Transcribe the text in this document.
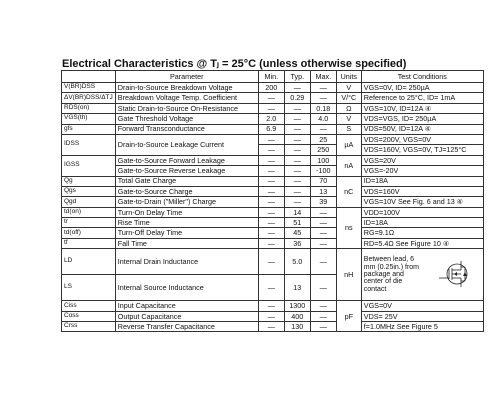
Electrical Characteristics @ Tⱼ = 25°C (unless otherwise specified)
	Parameter	Min.	Typ.	Max.	Units	Test Conditions
V(BR)DSS	Drain-to-Source Breakdown Voltage	200	—	—	V	VGS=0V, ID= 250µA
ΔV(BR)DSS/ΔTJ	Breakdown Voltage Temp. Coefficient	—	0.29	—	V/°C	Reference to 25°C, ID= 1mA
RDS(on)	Static Drain-to-Source On-Resistance	—	—	0.18	Ω	VGS=10V, ID=12A ④
VGS(th)	Gate Threshold Voltage	2.0	—	4.0	V	VDS=VGS, ID= 250µA
gfs	Forward Transconductance	6.9	—	—	S	VDS=50V, ID=12A ④
IDSS	Drain-to-Source Leakage Current	—	—	25	µA	VDS=200V, VGS=0V
		—	—	250		VDS=160V, VGS=0V, TJ=125°C
IGSS	Gate-to-Source Forward Leakage	—	—	100	nA	VGS=20V
	Gate-to-Source Reverse Leakage	—	—	-100		VGS=-20V
Qg	Total Gate Charge	—	—	70	nC	ID=18A
Qgs	Gate-to-Source Charge	—	—	13		VDS=160V
Qgd	Gate-to-Drain ("Miller") Charge	—	—	39		VGS=10V See Fig. 6 and 13 ④
td(on)	Turn-On Delay Time	—	14	—	ns	VDD=100V
tr	Rise Time	—	51	—		ID=18A
td(off)	Turn-Off Delay Time	—	45	—		RG=9.1Ω
tf	Fall Time	—	36	—		RD=5.4Ω See Figure 10 ④
LD	Internal Drain Inductance	—	5.0	—	nH	Between lead, 6 mm (0.25in.) from package and center of die contact

LS	Internal Source Inductance	—	13	—		
Ciss	Input Capacitance	—	1300	—	pF	VGS=0V
Coss	Output Capacitance	—	400	—		VDS= 25V
Crss	Reverse Transfer Capacitance	—	130	—		f=1.0MHz See Figure 5
